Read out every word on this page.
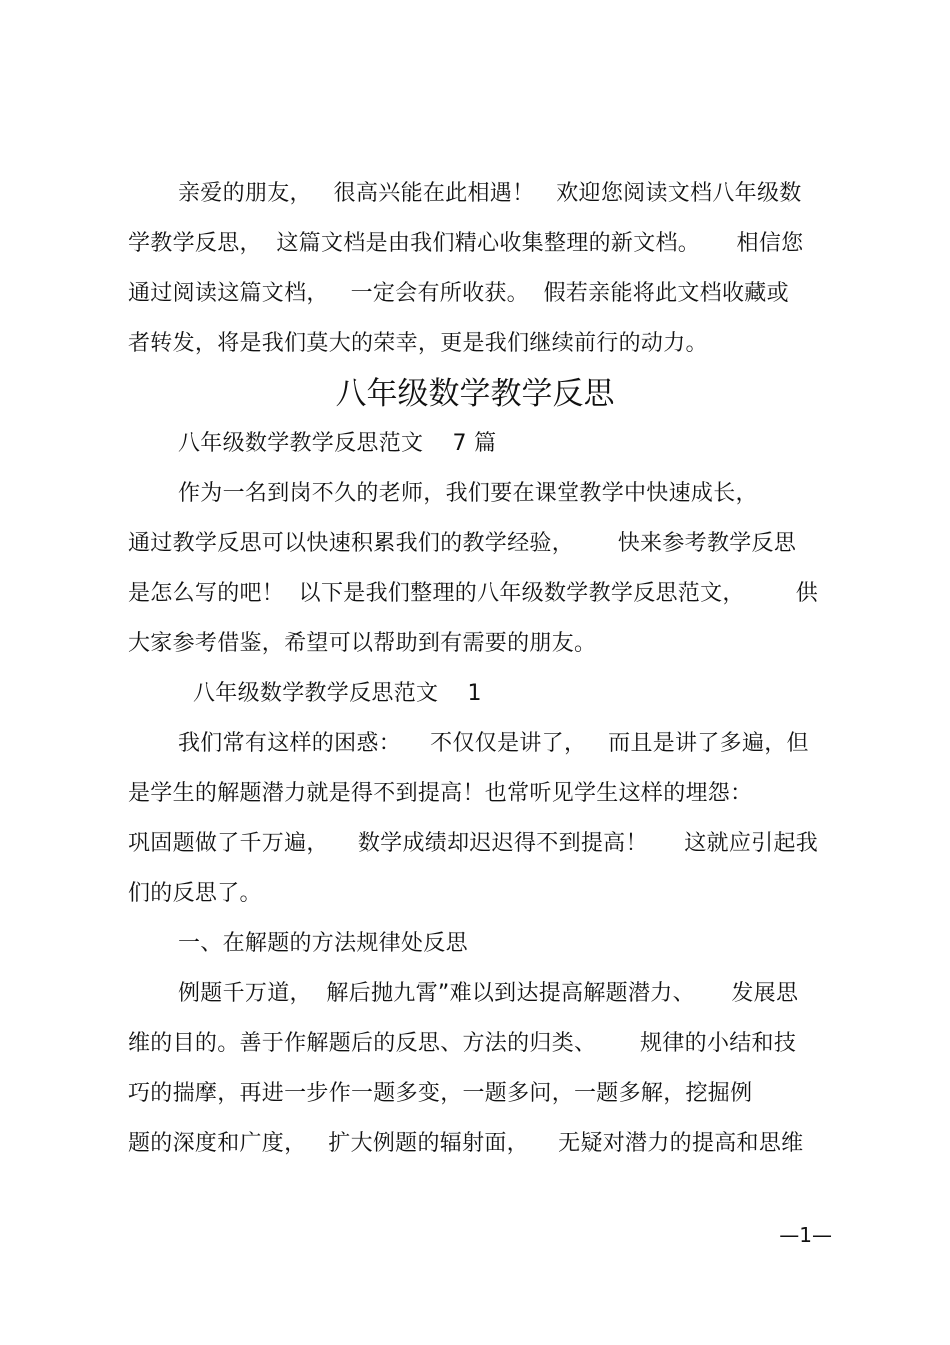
亲爱的朋友，   很高兴能在此相遇！   欢迎您阅读文档八年级数
学教学反思，  这篇文档是由我们精心收集整理的新文档。     相信您
通过阅读这篇文档，   一定会有所收获。  假若亲能将此文档收藏或
者转发，将是我们莫大的荣幸，更是我们继续前行的动力。
八年级数学教学反思
八年级数学教学反思范文    7 篇
作为一名到岗不久的老师，我们要在课堂教学中快速成长，
通过教学反思可以快速积累我们的教学经验，      快来参考教学反思
是怎么写的吧！  以下是我们整理的八年级数学教学反思范文，       供
大家参考借鉴，希望可以帮助到有需要的朋友。
八年级数学教学反思范文    1
我们常有这样的困惑：    不仅仅是讲了，   而且是讲了多遍，但
是学生的解题潜力就是得不到提高！也常听见学生这样的埋怨：
巩固题做了千万遍，    数学成绩却迟迟得不到提高！     这就应引起我
们的反思了。
一、在解题的方法规律处反思
例题千万道，  解后抛九霄”难以到达提高解题潜力、     发展思
维的目的。善于作解题后的反思、方法的归类、      规律的小结和技
巧的揣摩，再进一步作一题多变，一题多问，一题多解，挖掘例
题的深度和广度，   扩大例题的辐射面，    无疑对潜力的提高和思维
—1—
